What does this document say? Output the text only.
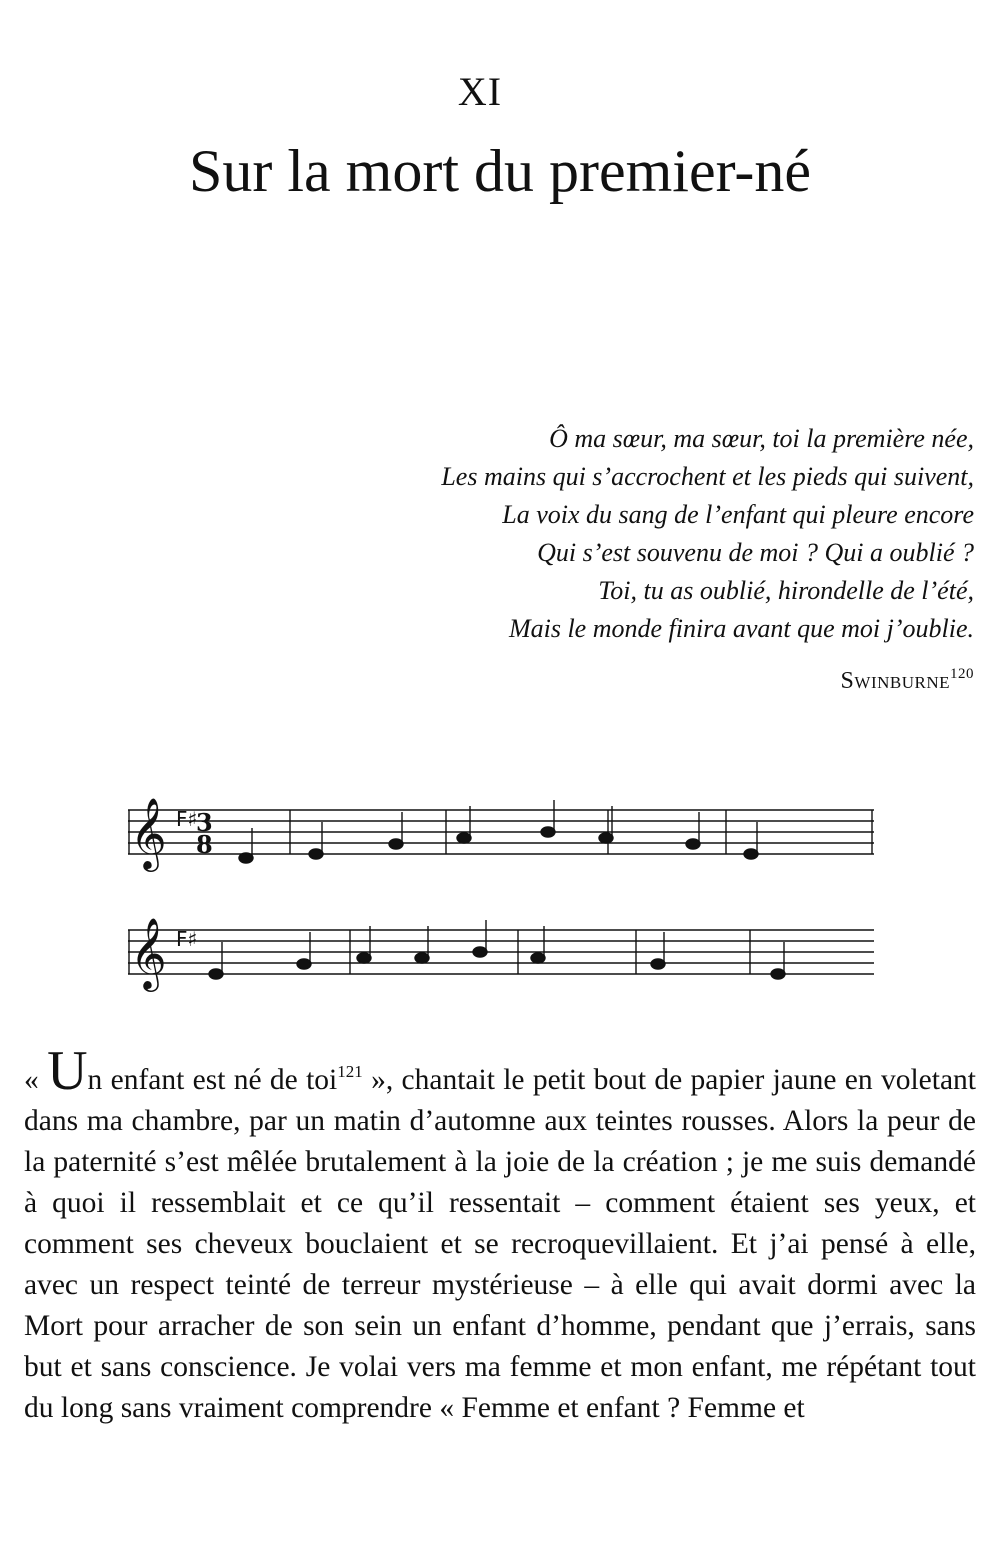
XI
Sur la mort du premier-né
Ô ma sœur, ma sœur, toi la première née,
Les mains qui s’accrochent et les pieds qui suivent,
La voix du sang de l’enfant qui pleure encore
Qui s’est souvenu de moi ? Qui a oublié ?
Toi, tu as oublié, hirondelle de l’été,
Mais le monde finira avant que moi j’oublie.
Swinburne$^{120}$
𝄞
𝄞
F♯
F♯
3
8
« Un enfant est né de toi$^{121}$ », chantait le petit bout de papier jaune en voletant dans ma chambre, par un matin d’automne aux teintes rousses. Alors la peur de la paternité s’est mêlée brutalement à la joie de la création ; je me suis demandé à quoi il ressemblait et ce qu’il ressentait – comment étaient ses yeux, et comment ses cheveux bouclaient et se recroquevillaient. Et j’ai pensé à elle, avec un respect teinté de terreur mystérieuse – à elle qui avait dormi avec la Mort pour arracher de son sein un enfant d’homme, pendant que j’errais, sans but et sans conscience. Je volai vers ma femme et mon enfant, me répétant tout du long sans vraiment comprendre « Femme et enfant ? Femme et
